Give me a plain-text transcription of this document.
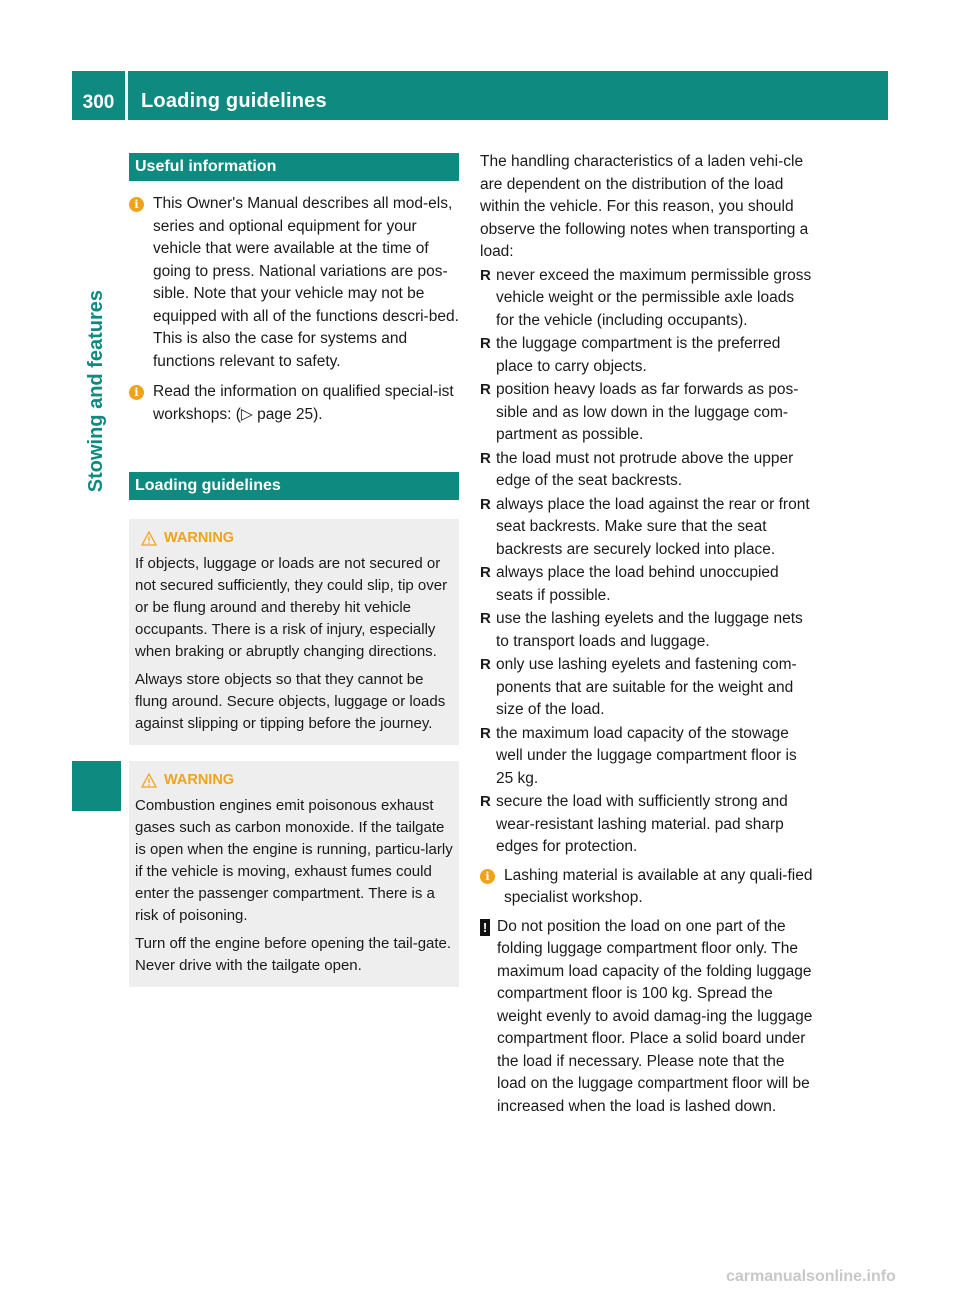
300	Loading guidelines
Stowing and features
Useful information
i This Owner's Manual describes all mod-els, series and optional equipment for your vehicle that were available at the time of going to press. National variations are pos-sible. Note that your vehicle may not be equipped with all of the functions descri-bed. This is also the case for systems and functions relevant to safety.
i Read the information on qualified special-ist workshops: (▷ page 25).
Loading guidelines
WARNING
If objects, luggage or loads are not secured or not secured sufficiently, they could slip, tip over or be flung around and thereby hit vehicle occupants. There is a risk of injury, especially when braking or abruptly changing directions.
Always store objects so that they cannot be flung around. Secure objects, luggage or loads against slipping or tipping before the journey.
WARNING
Combustion engines emit poisonous exhaust gases such as carbon monoxide. If the tailgate is open when the engine is running, particu-larly if the vehicle is moving, exhaust fumes could enter the passenger compartment. There is a risk of poisoning.
Turn off the engine before opening the tail-gate. Never drive with the tailgate open.
The handling characteristics of a laden vehi-cle are dependent on the distribution of the load within the vehicle. For this reason, you should observe the following notes when transporting a load:
R never exceed the maximum permissible gross vehicle weight or the permissible axle loads for the vehicle (including occupants).
R the luggage compartment is the preferred place to carry objects.
R position heavy loads as far forwards as pos-sible and as low down in the luggage com-partment as possible.
R the load must not protrude above the upper edge of the seat backrests.
R always place the load against the rear or front seat backrests. Make sure that the seat backrests are securely locked into place.
R always place the load behind unoccupied seats if possible.
R use the lashing eyelets and the luggage nets to transport loads and luggage.
R only use lashing eyelets and fastening com-ponents that are suitable for the weight and size of the load.
R the maximum load capacity of the stowage well under the luggage compartment floor is 25 kg.
R secure the load with sufficiently strong and wear-resistant lashing material. pad sharp edges for protection.
i Lashing material is available at any quali-fied specialist workshop.
! Do not position the load on one part of the folding luggage compartment floor only. The maximum load capacity of the folding luggage compartment floor is 100 kg. Spread the weight evenly to avoid damag-ing the luggage compartment floor. Place a solid board under the load if necessary. Please note that the load on the luggage compartment floor will be increased when the load is lashed down.
carmanualsonline.info
